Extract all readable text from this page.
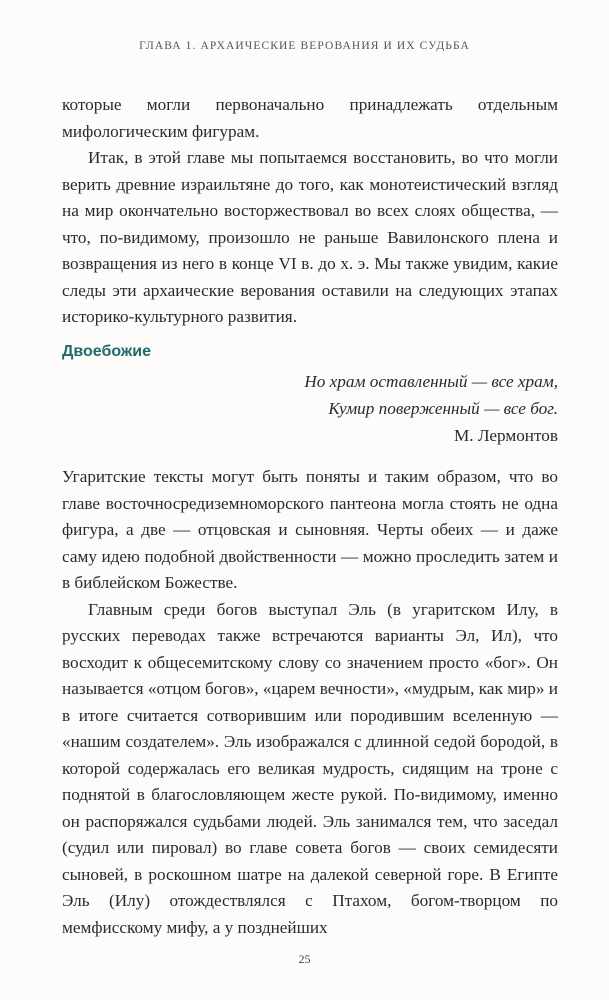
ГЛАВА 1. АРХАИЧЕСКИЕ ВЕРОВАНИЯ И ИХ СУДЬБА

которые могли первоначально принадлежать отдельным мифологическим фигурам.

Итак, в этой главе мы попытаемся восстановить, во что могли верить древние израильтяне до того, как монотеистический взгляд на мир окончательно восторжествовал во всех слоях общества, — что, по-видимому, произошло не раньше Вавилонского плена и возвращения из него в конце VI в. до х. э. Мы также увидим, какие следы эти архаические верования оставили на следующих этапах историко-культурного развития.

Двоебожие
Но храм оставленный — все храм,
Кумир поверженный — все бог.
М. Лермонтов

Угаритские тексты могут быть поняты и таким образом, что во главе восточносредиземноморского пантеона могла стоять не одна фигура, а две — отцовская и сыновняя. Черты обеих — и даже саму идею подобной двойственности — можно проследить затем и в библейском Божестве.

Главным среди богов выступал Эль (в угаритском Илу, в русских переводах также встречаются варианты Эл, Ил), что восходит к общесемитскому слову со значением просто «бог». Он называется «отцом богов», «царем вечности», «мудрым, как мир» и в итоге считается сотворившим или породившим вселенную — «нашим создателем». Эль изображался с длинной седой бородой, в которой содержалась его великая мудрость, сидящим на троне с поднятой в благословляющем жесте рукой. По-видимому, именно он распоряжался судьбами людей. Эль занимался тем, что заседал (судил или пировал) во главе совета богов — своих семидесяти сыновей, в роскошном шатре на далекой северной горе. В Египте Эль (Илу) отождествлялся с Птахом, богом-творцом по мемфисскому мифу, а у позднейших

25
